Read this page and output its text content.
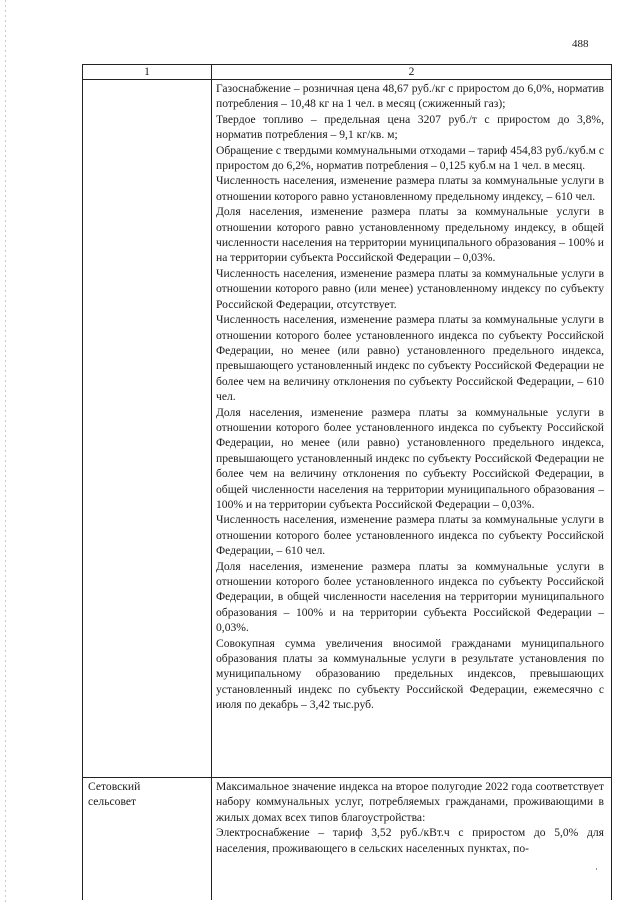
488
1	2

Газоснабжение – розничная цена 48,67 руб./кг с приростом до 6,0%, норматив потребления – 10,48 кг на 1 чел. в месяц (сжиженный газ);

Твердое топливо – предельная цена 3207 руб./т с приростом до 3,8%, норматив потребления – 9,1 кг/кв. м;

Обращение с твердыми коммунальными отходами – тариф 454,83 руб./куб.м с приростом до 6,2%, норматив потребления – 0,125 куб.м на 1 чел. в месяц.

Численность населения, изменение размера платы за коммунальные услуги в отношении которого равно установленному предельному индексу, – 610 чел.

Доля населения, изменение размера платы за коммунальные услуги в отношении которого равно установленному предельному индексу, в общей численности населения на территории муниципального образования – 100% и на территории субъекта Российской Федерации – 0,03%.

Численность населения, изменение размера платы за коммунальные услуги в отношении которого равно (или менее) установленному индексу по субъекту Российской Федерации, отсутствует.

Численность населения, изменение размера платы за коммунальные услуги в отношении которого более установленного индекса по субъекту Российской Федерации, но менее (или равно) установленного предельного индекса, превышающего установленный индекс по субъекту Российской Федерации не более чем на величину отклонения по субъекту Российской Федерации, – 610 чел.

Доля населения, изменение размера платы за коммунальные услуги в отношении которого более установленного индекса по субъекту Российской Федерации, но менее (или равно) установленного предельного индекса, превышающего установленный индекс по субъекту Российской Федерации не более чем на величину отклонения по субъекту Российской Федерации, в общей численности населения на территории муниципального образования – 100% и на территории субъекта Российской Федерации – 0,03%.

Численность населения, изменение размера платы за коммунальные услуги в отношении которого более установленного индекса по субъекту Российской Федерации, – 610 чел.

Доля населения, изменение размера платы за коммунальные услуги в отношении которого более установленного индекса по субъекту Российской Федерации, в общей численности населения на территории муниципального образования – 100% и на территории субъекта Российской Федерации – 0,03%.

Совокупная сумма увеличения вносимой гражданами муниципального образования платы за коммунальные услуги в результате установления по муниципальному образованию предельных индексов, превышающих установленный индекс по субъекту Российской Федерации, ежемесячно с июля по декабрь – 3,42 тыс.руб.

Сетовский
сельсовет

Максимальное значение индекса на второе полугодие 2022 года соответствует набору коммунальных услуг, потребляемых гражданами, проживающими в жилых домах всех типов благоустройства:

Электроснабжение – тариф 3,52 руб./кВт.ч с приростом до 5,0% для населения, проживающего в сельских населенных пунктах, по-
